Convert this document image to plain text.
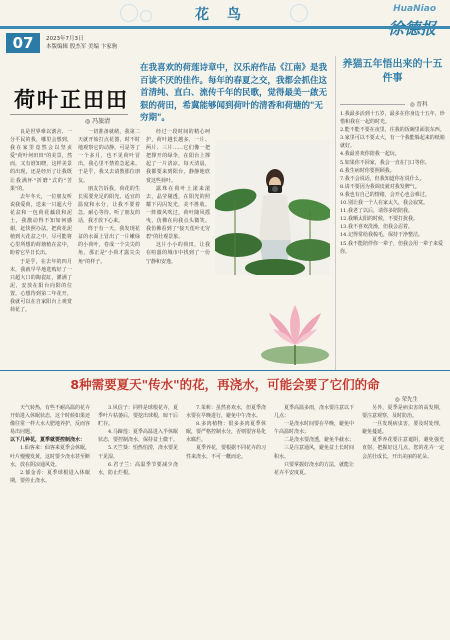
花鸟	HuaNiao
07	2023年7月3日
本版编辑 殷杰军 美编 卞家驹
荷叶正田田
◎ 冯旅清
在我喜欢的荷莲诗章中，汉乐府作品《江南》是我百读不厌的佳作。每年的春夏之交，我都会抓住这首清纯、直白、流传千年的民歌，觉得最美一啟无狠的荷田，希冀能够闻到荷叶的清香和荷塘的"无穷期"。

良是世界难以割舍、一分平民的我，哪里会想到，我在家里竟然会以坚贞爱"荷叶何田田"的美景，然而，又有谁知晓，这样美景的出现，还是经历了让我既让我满怀"折磨"式的"苦果"的。

去年冬天，一位朋友听说我爱荷，送来一只超大号花盆和一包荷花藕段和泥土，我激动得不知如何感谢，赶快照办法，把荷花泥植到大花盆之中，尽可能将心里所想的荷塘植在盆中，盼着它早日长出。

于是乎，在去年的四月末，我就早早地选购好了一只超大口的陶瓷缸，灌满了泥，安放在阳台向阳的位置。心想待到第二年花开，我就可以在自家阳台上观赏荷花了。

一切准备就绪，我第二天就开始打点花器，时不时地观察它的动静。可是等了一个多月，也不见荷叶冒出，我心里不禁着急起来。于是乎，我又去请教那位朋友。

朋友告诉我，荷花的生长需要充足的阳光、适宜的温度和水分，让我不要着急，耐心等待。听了朋友的话，我才放下心来。

终于有一天，我发现花盆的水面上冒出了一片嫩绿的小荷叶，卷成一个尖尖的角，那正是"小荷才露尖尖角"的样子。

经过一段时间的精心呵护，荷叶越长越多，一片、两片、三片……它们像一把把撑开的绿伞，在阳台上撑起了一片清凉。每天清晨，我都要来到阳台，静静地欣赏这些荷叶。

露珠在荷叶上滚来滚去，晶莹剔透，在阳光的照耀下闪闪发光，美不胜收。一阵微风吹过，荷叶随风摇曳，仿佛在向我点头微笑。我仿佛看到了"接天莲叶无穷碧"的壮观景象。

这片小小的荷田，让我在喧嚣的城市中找到了一份宁静和安逸。

养猫五年悟出来的十五件事
◎ 晋科

1.我最多活到十五岁，最多在你身边十五年，珍惜和我在一起的时光。

2.能不能不要在夜里，往我的饭碗里面装东西。

3.家里可以不要太大，有一个我能躲起来的纸箱就好。

4.我最喜欢你陪我一起玩。

5.如果你不回家，我会一直在门口等你。

6.我生病时你要照顾我。

7.我不会说话，但我知道你在说什么。

8.请不要因为我调皮就对我发脾气。

9.我也有自己的情绪，会开心也会难过。

10.别让我一个人在家太久，我会寂寞。

11.我老了以后，请你多陪陪我。

12.我晒太阳的时候，不要打扰我。

13.我不喜欢洗澡，但我会忍着。

14.记得常给我梳毛，保持干净整洁。

15.我不能陪伴你一辈子，但我会用一辈子来爱你。

8种需要夏天"传水"的花，再浇水，可能会要了它们的命
◎ 荣先生

天气转热，有些不耐高温的花卉开始进入休眠状态，这个时候如果还像往常一样大水大肥地养护，反而容易出问题。

以下几种花，夏季就要控制浇水：

1.仙客来：仙客来夏季会休眠，叶片慢慢发黄，这时要少浇水甚至断水，放在阴凉通风处。

2.郁金香：夏季球根进入休眠期，要停止浇水。

3.风信子：同样是球根花卉，夏季叶片枯萎后，要挖出球根，晾干后贮存。

4.马蹄莲：夏季高温进入半休眠状态，要控制浇水，保持盆土微干。

5.天竺葵：怕热怕涝，浇水要见干见湿。

6.君子兰：高温季节要减少浇水，防止烂根。

7.茉莉：虽然喜欢水，但夏季浇水要在早晚进行，避免中午浇水。

8.多肉植物：很多多肉夏季休眠，要严格控制水分，否则很容易化水腐烂。

夏季养花，要根据不同花卉的习性来浇水，不可一概而论。

夏季高温多雨，浇水要注意以下几点：

一是浇水时间要在早晚，避免中午高温时浇水；

二是浇水要浇透，避免半截水；

三是注意通风，避免盆土长时间积水。

只要掌握好浇水的方法，就能让花卉平安度夏。

另外，夏季是病虫害的高发期，要注意观察，及时防治。

一旦发现病虫害，要及时处理，避免蔓延。

夏季养花要注意遮阴，避免强光直射，把握好这几点，您的花卉一定会茁壮成长，开出美丽的花朵。
